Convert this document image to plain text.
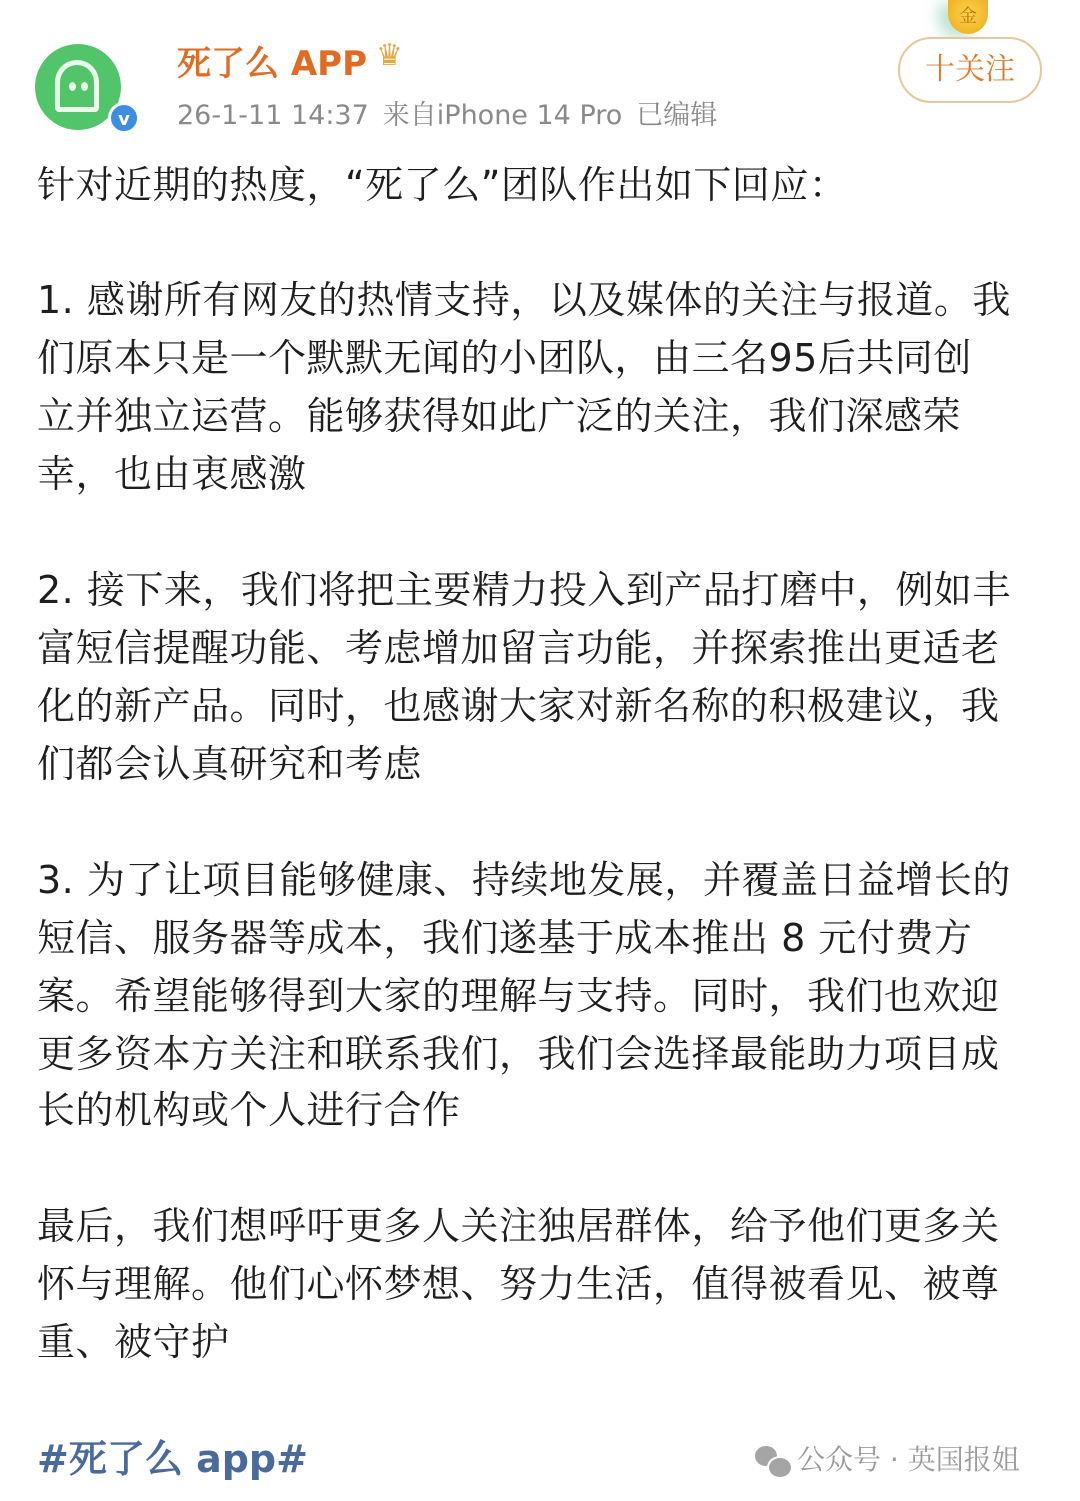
v
死了么 APP ♛
26-1-11 14:37 来自iPhone 14 Pro 已编辑
金
十关注
针对近期的热度，“死了么”团队作出如下回应：
1. 感谢所有网友的热情支持，以及媒体的关注与报道。我
们原本只是一个默默无闻的小团队，由三名95后共同创
立并独立运营。能够获得如此广泛的关注，我们深感荣
幸，也由衷感激
2. 接下来，我们将把主要精力投入到产品打磨中，例如丰
富短信提醒功能、考虑增加留言功能，并探索推出更适老
化的新产品。同时，也感谢大家对新名称的积极建议，我
们都会认真研究和考虑
3. 为了让项目能够健康、持续地发展，并覆盖日益增长的
短信、服务器等成本，我们遂基于成本推出 8 元付费方
案。希望能够得到大家的理解与支持。同时，我们也欢迎
更多资本方关注和联系我们，我们会选择最能助力项目成
长的机构或个人进行合作
最后，我们想呼吁更多人关注独居群体，给予他们更多关
怀与理解。他们心怀梦想、努力生活，值得被看见、被尊
重、被守护
#死了么 app#	公众号 · 英国报姐
